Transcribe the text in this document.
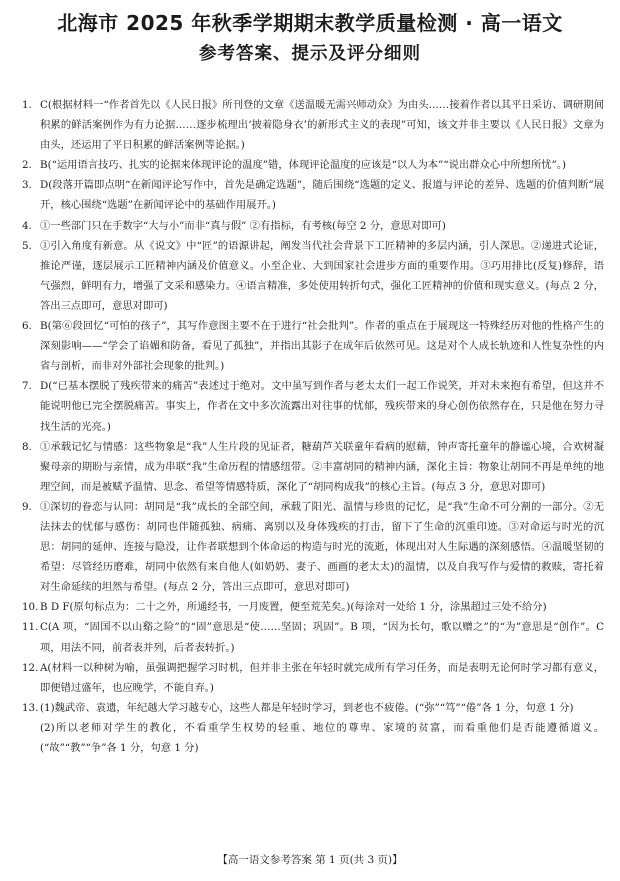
北海市 2025 年秋季学期期末教学质量检测 · 高一语文
参考答案、提示及评分细则
1. C(根据材料一“作者首先以《人民日报》所刊登的文章《送温暖无需兴师动众》为由头……接着作者以其平日采访、调研期间积累的鲜活案例作为有力论据……逐步梳理出‘披着隐身衣’的新形式主义的表现”可知，该文并非主要以《人民日报》文章为由头，还运用了平日积累的鲜活案例等论据。)
2. B(“运用语言技巧、扎实的论据来体现评论的温度”错，体现评论温度的应该是“以人为本”“说出群众心中所想所忧”。)
3. D(段落开篇即点明“在新闻评论写作中，首先是确定选题”，随后围绕“选题的定义、报道与评论的差异、选题的价值判断”展开，核心围绕“选题”在新闻评论中的基础作用展开。)
4. ①一些部门只在手数字“大与小”而非“真与假” ②有指标，有考核(每空 2 分，意思对即可)
5. ①引入角度有新意。从《说文》中“匠”的语源讲起，阐发当代社会背景下工匠精神的多层内涵，引人深思。②递进式论证，推论严谨，逐层展示工匠精神内涵及价值意义。小至企业、大到国家社会进步方面的重要作用。③巧用排比(反复)修辞，语气强烈，鲜明有力，增强了文采和感染力。④语言精准，多处使用转折句式，强化工匠精神的价值和现实意义。(每点 2 分，答出三点即可，意思对即可)
6. B(第⑥段回忆“可怕的孩子”，其写作意图主要不在于进行“社会批判”。作者的重点在于展现这一特殊经历对他的性格产生的深刻影响——“学会了谄媚和防备，看见了孤独”，并指出其影子在成年后依然可见。这是对个人成长轨迹和人性复杂性的内省与剖析，而非对外部社会现象的批判。)
7. D(“已基本摆脱了残疾带来的痛苦”表述过于绝对。文中虽写到作者与老太太们一起工作说笑，并对未来抱有希望，但这并不能说明他已完全摆脱痛苦。事实上，作者在文中多次流露出对往事的忧郁，残疾带来的身心创伤依然存在，只是他在努力寻找生活的光亮。)
8. ①承载记忆与情感：这些物象是“我”人生片段的见证者，糖葫芦关联童年看病的慰藉，钟声寄托童年的静谧心境，合欢树凝聚母亲的期盼与亲情，成为串联“我”生命历程的情感纽带。②丰富胡同的精神内涵，深化主旨：物象让胡同不再是单纯的地理空间，而是被赋予温情、思念、希望等情感特质，深化了“胡同构成我”的核心主旨。(每点 3 分，意思对即可)
9. ①深切的眷恋与认同：胡同是“我”成长的全部空间，承载了阳光、温情与珍贵的记忆，是“我”生命不可分割的一部分。②无法抹去的忧郁与感伤：胡同也伴随孤独、病痛、离别以及身体残疾的打击，留下了生命的沉重印迹。③对命运与时光的沉思：胡同的延伸、连接与隐没，让作者联想到个体命运的构造与时光的流逝，体现出对人生际遇的深刻感悟。④温暖坚韧的希望：尽管经历磨难，胡同中依然有来自他人(如奶奶、妻子、画画的老太太)的温情，以及自我写作与爱情的救赎，寄托着对生命延续的坦然与希望。(每点 2 分，答出三点即可，意思对即可)
10. B D F(原句标点为：二十之外，所通经书，一月废置，便至荒芜矣。)(每涂对一处给 1 分，涂黑超过三处不给分)
11. C(A 项，“固国不以山谿之险”的“固”意思是“使……坚固；巩固”。B 项，“因为长句，歌以赠之”的“为”意思是“创作”。C 项，用法不同，前者表并列，后者表转折。)
12. A(材料一以种树为喻，虽强调把握学习时机，但并非主张在年轻时就完成所有学习任务，而是表明无论何时学习都有意义，即便错过盛年，也应晚学，不能自弃。)
13. (1)魏武帝、袁遗，年纪越大学习越专心，这些人都是年轻时学习，到老也不疲倦。(“弥”“笃”“倦”各 1 分，句意 1 分)
(2)所以老师对学生的教化，不看重学生权势的轻重、地位的尊卑、家境的贫富，而看重他们是否能遵循道义。(“故”“教”“争”各 1 分，句意 1 分)
【高一语文参考答案 第 1 页(共 3 页)】
